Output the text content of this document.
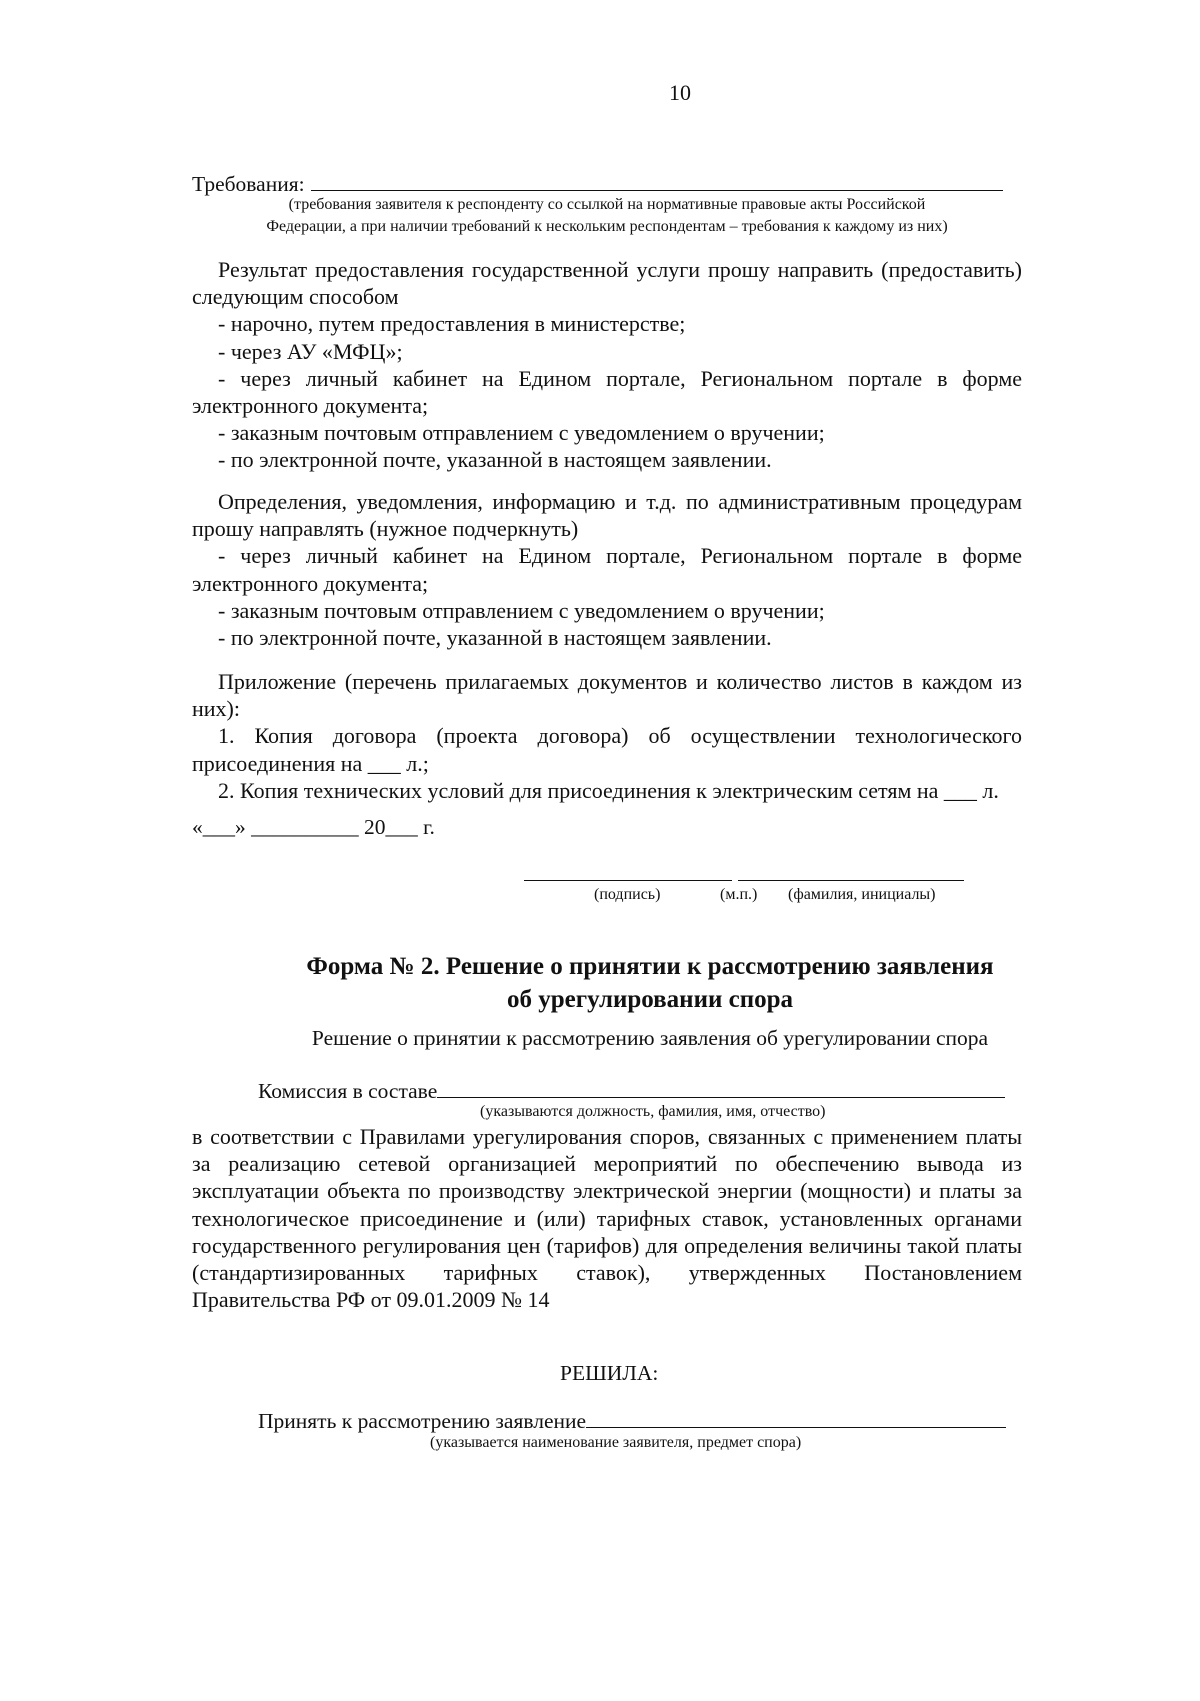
10
Требования:
(требования заявителя к респонденту со ссылкой на нормативные правовые акты Российской
Федерации, а при наличии требований к нескольким респондентам – требования к каждому из них)
Результат предоставления государственной услуги прошу направить (предоставить) следующим способом
- нарочно, путем предоставления в министерстве;
- через АУ «МФЦ»;
- через личный кабинет на Едином портале, Региональном портале в форме электронного документа;
- заказным почтовым отправлением с уведомлением о вручении;
- по электронной почте, указанной в настоящем заявлении.
Определения, уведомления, информацию и т.д. по административным процедурам прошу направлять (нужное подчеркнуть)
- через личный кабинет на Едином портале, Региональном портале в форме электронного документа;
- заказным почтовым отправлением с уведомлением о вручении;
- по электронной почте, указанной в настоящем заявлении.
Приложение (перечень прилагаемых документов и количество листов в каждом из них):
1. Копия договора (проекта договора) об осуществлении технологического присоединения на ___ л.;
2. Копия технических условий для присоединения к электрическим сетям на ___ л.
«___» __________ 20___ г.
(подпись)	(м.п.) (фамилия, инициалы)
Форма № 2. Решение о принятии к рассмотрению заявления
об урегулировании спора
Решение о принятии к рассмотрению заявления об урегулировании спора
Комиссия в составе
(указываются должность, фамилия, имя, отчество)
в соответствии с Правилами урегулирования споров, связанных с применением платы за реализацию сетевой организацией мероприятий по обеспечению вывода из эксплуатации объекта по производству электрической энергии (мощности) и платы за технологическое присоединение и (или) тарифных ставок, установленных органами государственного регулирования цен (тарифов) для определения величины такой платы (стандартизированных тарифных ставок), утвержденных Постановлением Правительства РФ от 09.01.2009 № 14
РЕШИЛА:
Принять к рассмотрению заявление
(указывается наименование заявителя, предмет спора)
